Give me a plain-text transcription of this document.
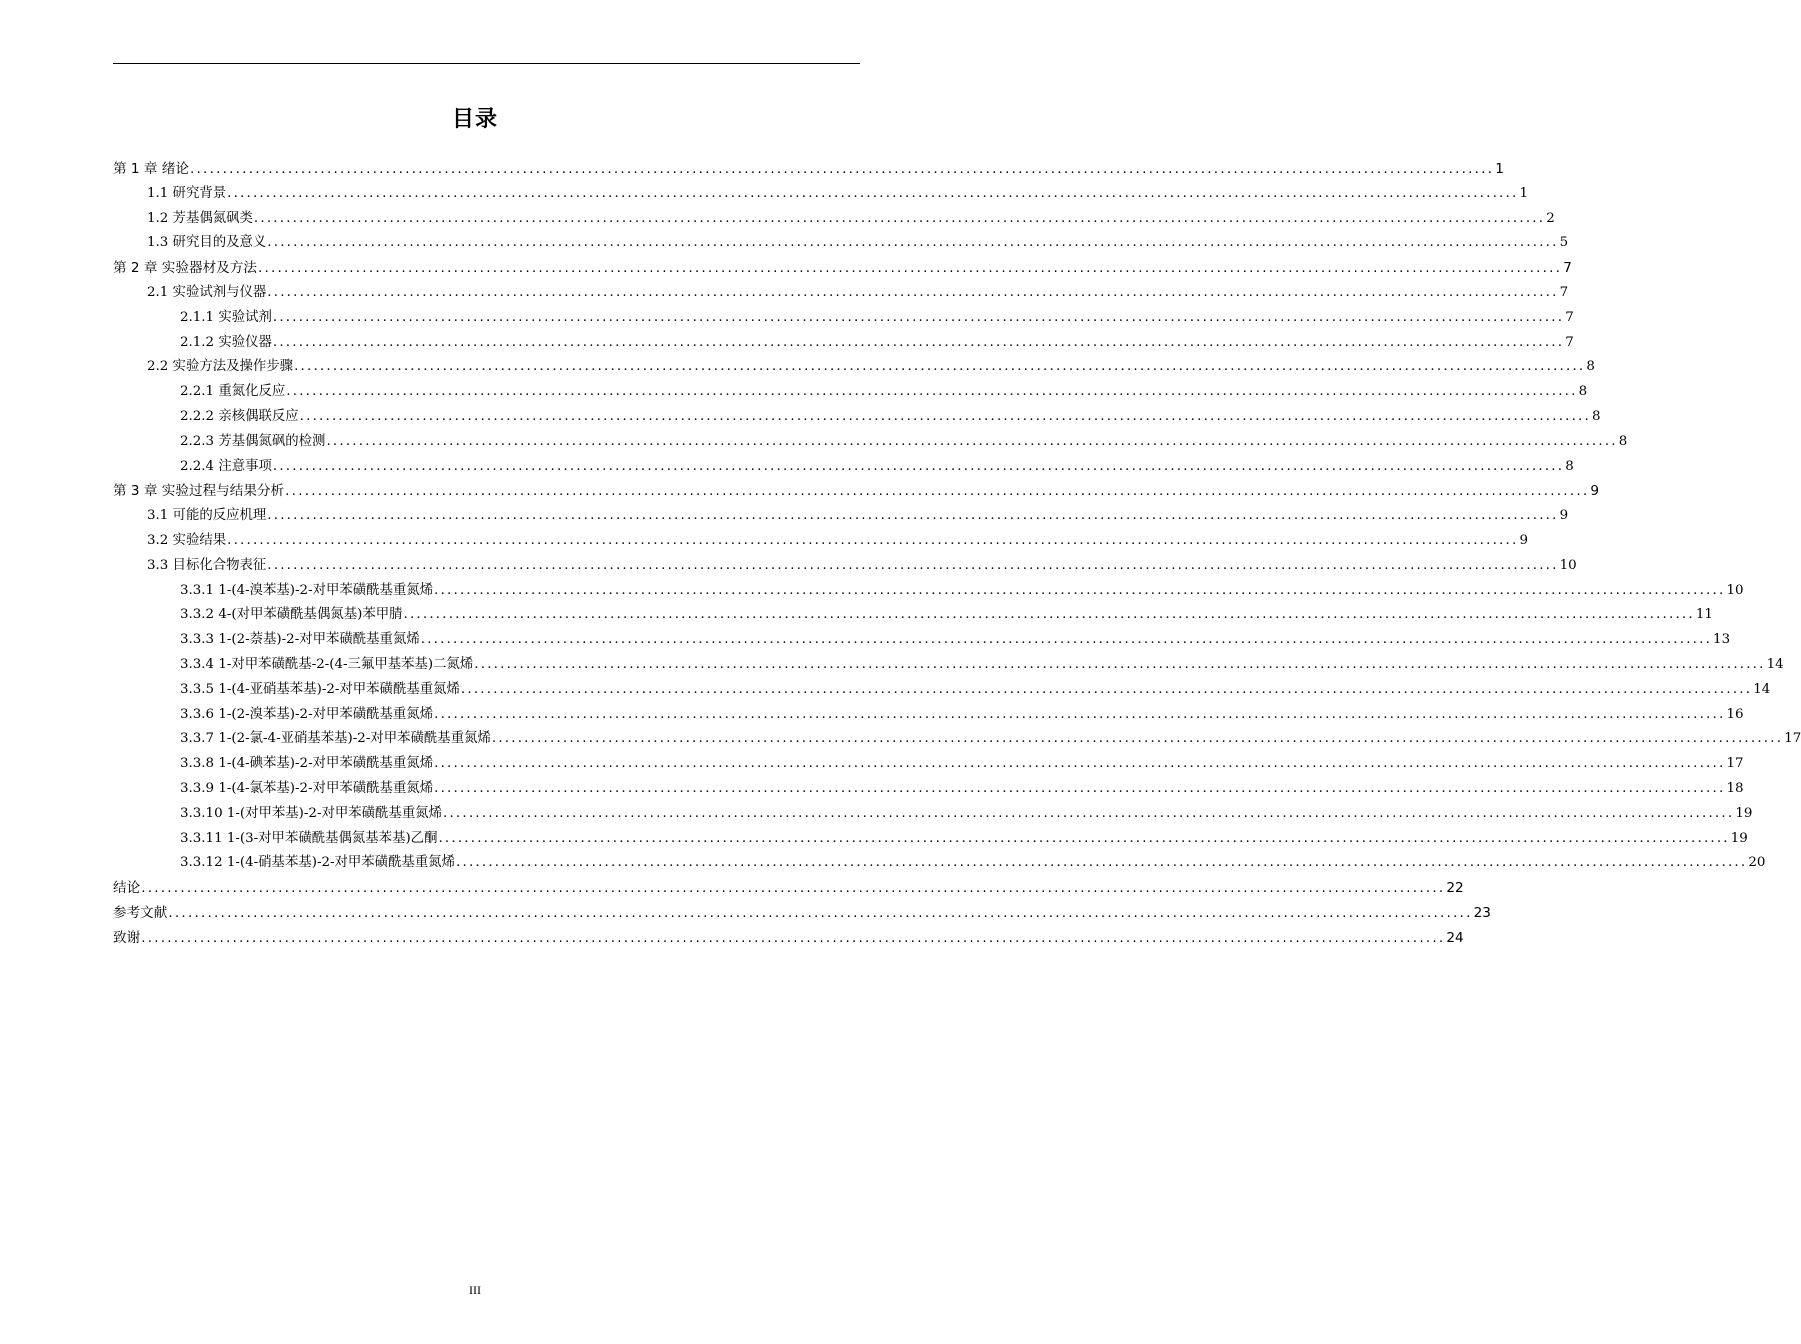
目录
第 1 章 绪论 ........................................................................................................................................................................................................ 1
1.1 研究背景 ........................................................................................................................................................................................................ 1
1.2 芳基偶氮砜类 ........................................................................................................................................................................................................ 2
1.3 研究目的及意义 ........................................................................................................................................................................................................ 5
第 2 章 实验器材及方法 ........................................................................................................................................................................................................ 7
2.1 实验试剂与仪器 ........................................................................................................................................................................................................ 7
2.1.1 实验试剂 ........................................................................................................................................................................................................ 7
2.1.2 实验仪器 ........................................................................................................................................................................................................ 7
2.2 实验方法及操作步骤 ........................................................................................................................................................................................................ 8
2.2.1 重氮化反应 ........................................................................................................................................................................................................ 8
2.2.2 亲核偶联反应 ........................................................................................................................................................................................................ 8
2.2.3 芳基偶氮砜的检测 ........................................................................................................................................................................................................ 8
2.2.4 注意事项 ........................................................................................................................................................................................................ 8
第 3 章 实验过程与结果分析 ........................................................................................................................................................................................................ 9
3.1 可能的反应机理 ........................................................................................................................................................................................................ 9
3.2 实验结果 ........................................................................................................................................................................................................ 9
3.3 目标化合物表征 ........................................................................................................................................................................................................ 10
3.3.1 1-(4-溴苯基)-2-对甲苯磺酰基重氮烯 ........................................................................................................................................................................................................ 10
3.3.2 4-(对甲苯磺酰基偶氮基)苯甲腈 ........................................................................................................................................................................................................ 11
3.3.3 1-(2-萘基)-2-对甲苯磺酰基重氮烯 ........................................................................................................................................................................................................ 13
3.3.4 1-对甲苯磺酰基-2-(4-三氟甲基苯基)二氮烯 ........................................................................................................................................................................................................ 14
3.3.5 1-(4-亚硝基苯基)-2-对甲苯磺酰基重氮烯 ........................................................................................................................................................................................................ 14
3.3.6 1-(2-溴苯基)-2-对甲苯磺酰基重氮烯 ........................................................................................................................................................................................................ 16
3.3.7 1-(2-氯-4-亚硝基苯基)-2-对甲苯磺酰基重氮烯 ........................................................................................................................................................................................................ 17
3.3.8 1-(4-碘苯基)-2-对甲苯磺酰基重氮烯 ........................................................................................................................................................................................................ 17
3.3.9 1-(4-氯苯基)-2-对甲苯磺酰基重氮烯 ........................................................................................................................................................................................................ 18
3.3.10 1-(对甲苯基)-2-对甲苯磺酰基重氮烯 ........................................................................................................................................................................................................ 19
3.3.11 1-(3-对甲苯磺酰基偶氮基苯基)乙酮 ........................................................................................................................................................................................................ 19
3.3.12 1-(4-硝基苯基)-2-对甲苯磺酰基重氮烯 ........................................................................................................................................................................................................ 20
结论 ........................................................................................................................................................................................................ 22
参考文献 ........................................................................................................................................................................................................ 23
致谢 ........................................................................................................................................................................................................ 24
III
